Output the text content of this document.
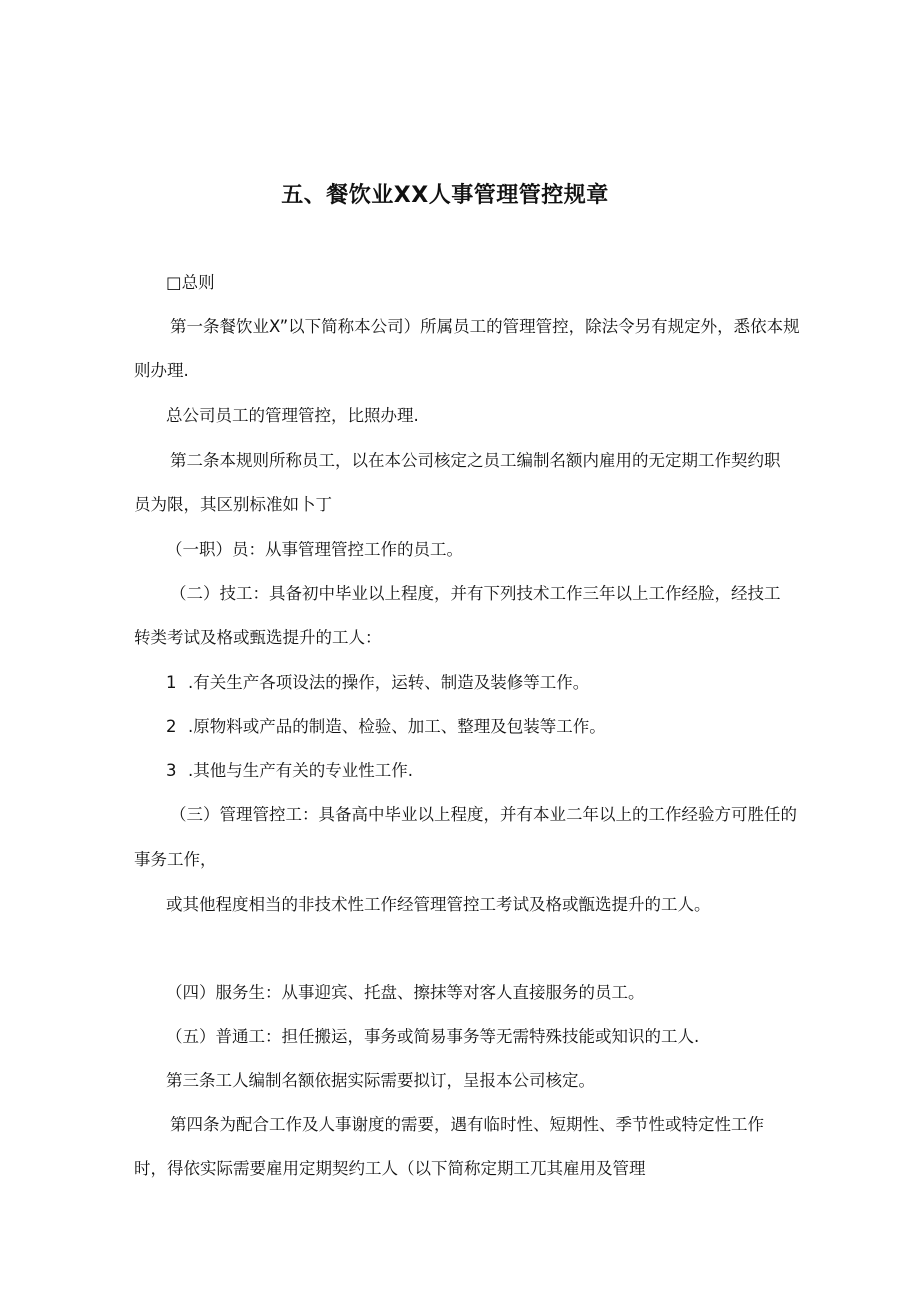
五、餐饮业XX人事管理管控规章
□总则
第一条餐饮业X”以下简称本公司）所属员工的管理管控，除法令另有规定外，悉依本规
则办理.
总公司员工的管理管控，比照办理.
第二条本规则所称员工，以在本公司核定之员工编制名额内雇用的无定期工作契约职
员为限，其区别标准如卜丁
（一职）员：从事管理管控工作的员工。
（二）技工：具备初中毕业以上程度，并有下列技术工作三年以上工作经脸，经技工
转类考试及格或甄选提升的工人：
1 .有关生产各项设法的操作，运转、制造及装修等工作。
2 .原物料或产品的制造、检验、加工、整理及包装等工作。
3 .其他与生产有关的专业性工作.
（三）管理管控工：具备高中毕业以上程度，并有本业二年以上的工作经验方可胜任的
事务工作，
或其他程度相当的非技术性工作经管理管控工考试及格或甑选提升的工人。
（四）服务生：从事迎宾、托盘、擦抹等对客人直接服务的员工。
（五）普通工：担任搬运，事务或简易事务等无需特殊技能或知识的工人.
第三条工人编制名额依据实际需要拟订，呈报本公司核定。
第四条为配合工作及人事谢度的需要，遇有临时性、短期性、季节性或特定性工作
时，得依实际需要雇用定期契约工人（以下简称定期工兀其雇用及管理
